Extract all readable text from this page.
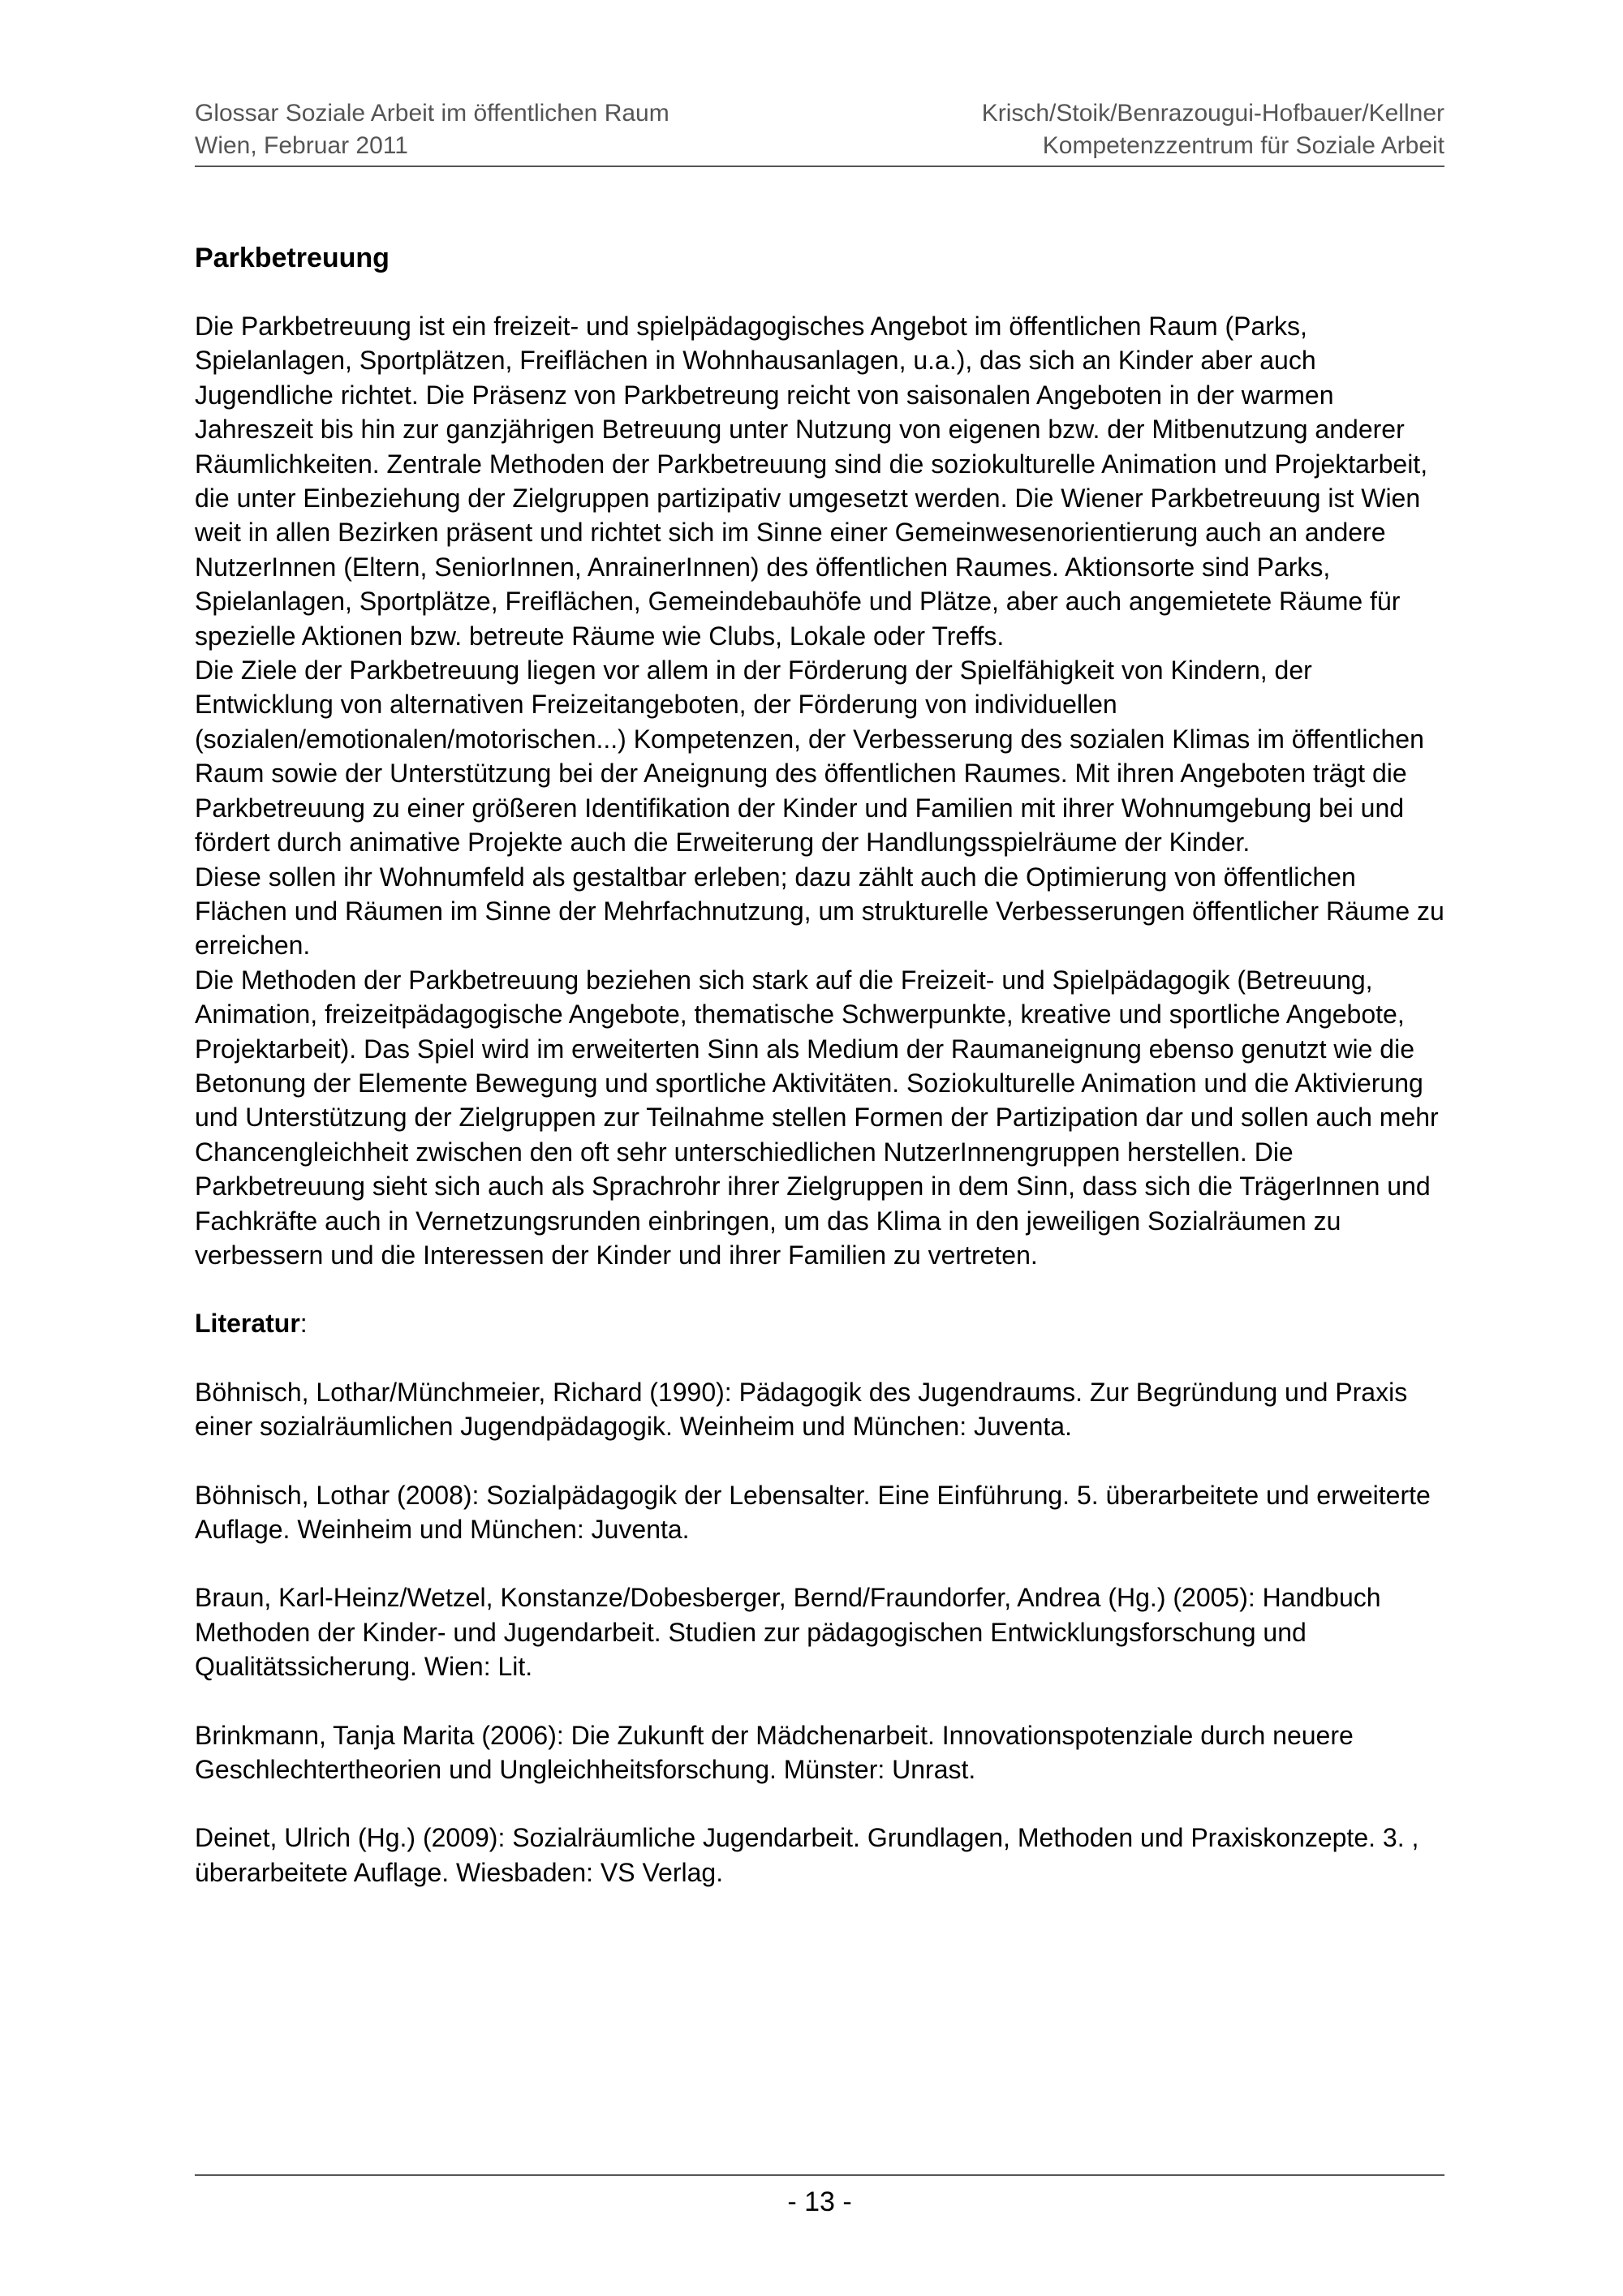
Glossar Soziale Arbeit im öffentlichen Raum
Wien, Februar 2011
Krisch/Stoik/Benrazougui-Hofbauer/Kellner
Kompetenzzentrum für Soziale Arbeit
Parkbetreuung
Die Parkbetreuung ist ein freizeit- und spielpädagogisches Angebot im öffentlichen Raum (Parks, Spielanlagen, Sportplätzen, Freiflächen in Wohnhausanlagen, u.a.), das sich an Kinder aber auch Jugendliche richtet. Die Präsenz von Parkbetreung reicht von saisonalen Angeboten in der warmen Jahreszeit bis hin zur ganzjährigen Betreuung unter Nutzung von eigenen bzw. der Mitbenutzung anderer Räumlichkeiten. Zentrale Methoden der Parkbetreuung sind die soziokulturelle Animation und Projektarbeit, die unter Einbeziehung der Zielgruppen partizipativ umgesetzt werden. Die Wiener Parkbetreuung ist Wien weit in allen Bezirken präsent und richtet sich im Sinne einer Gemeinwesenorientierung auch an andere NutzerInnen (Eltern, SeniorInnen, AnrainerInnen) des öffentlichen Raumes. Aktionsorte sind Parks, Spielanlagen, Sportplätze, Freiflächen, Gemeindebauhöfe und Plätze, aber auch angemietete Räume für spezielle Aktionen bzw. betreute Räume wie Clubs, Lokale oder Treffs.
Die Ziele der Parkbetreuung liegen vor allem in der Förderung der Spielfähigkeit von Kindern, der Entwicklung von alternativen Freizeitangeboten, der Förderung von individuellen (sozialen/emotionalen/motorischen...) Kompetenzen, der Verbesserung des sozialen Klimas im öffentlichen Raum sowie der Unterstützung bei der Aneignung des öffentlichen Raumes. Mit ihren Angeboten trägt die Parkbetreuung zu einer größeren Identifikation der Kinder und Familien mit ihrer Wohnumgebung bei und fördert durch animative Projekte auch die Erweiterung der Handlungsspielräume der Kinder.
Diese sollen ihr Wohnumfeld als gestaltbar erleben; dazu zählt auch die Optimierung von öffentlichen Flächen und Räumen im Sinne der Mehrfachnutzung, um strukturelle Verbesserungen öffentlicher Räume zu erreichen.
Die Methoden der Parkbetreuung beziehen sich stark auf die Freizeit- und Spielpädagogik (Betreuung, Animation, freizeitpädagogische Angebote, thematische Schwerpunkte, kreative und sportliche Angebote, Projektarbeit). Das Spiel wird im erweiterten Sinn als Medium der Raumaneignung ebenso genutzt wie die Betonung der Elemente Bewegung und sportliche Aktivitäten. Soziokulturelle Animation und die Aktivierung und Unterstützung der Zielgruppen zur Teilnahme stellen Formen der Partizipation dar und sollen auch mehr Chancengleichheit zwischen den oft sehr unterschiedlichen NutzerInnengruppen herstellen. Die Parkbetreuung sieht sich auch als Sprachrohr ihrer Zielgruppen in dem Sinn, dass sich die TrägerInnen und Fachkräfte auch in Vernetzungsrunden einbringen, um das Klima in den jeweiligen Sozialräumen zu verbessern und die Interessen der Kinder und ihrer Familien zu vertreten.
Literatur:
Böhnisch, Lothar/Münchmeier, Richard (1990): Pädagogik des Jugendraums. Zur Begründung und Praxis einer sozialräumlichen Jugendpädagogik. Weinheim und München: Juventa.
Böhnisch, Lothar (2008): Sozialpädagogik der Lebensalter. Eine Einführung. 5. überarbeitete und erweiterte Auflage. Weinheim und München: Juventa.
Braun, Karl-Heinz/Wetzel, Konstanze/Dobesberger, Bernd/Fraundorfer, Andrea (Hg.) (2005): Handbuch Methoden der Kinder- und Jugendarbeit. Studien zur pädagogischen Entwicklungsforschung und Qualitätssicherung. Wien: Lit.
Brinkmann, Tanja Marita (2006): Die Zukunft der Mädchenarbeit. Innovationspotenziale durch neuere Geschlechtertheorien und Ungleichheitsforschung. Münster: Unrast.
Deinet, Ulrich (Hg.) (2009): Sozialräumliche Jugendarbeit. Grundlagen, Methoden und Praxiskonzepte. 3. , überarbeitete Auflage. Wiesbaden: VS Verlag.
- 13 -
